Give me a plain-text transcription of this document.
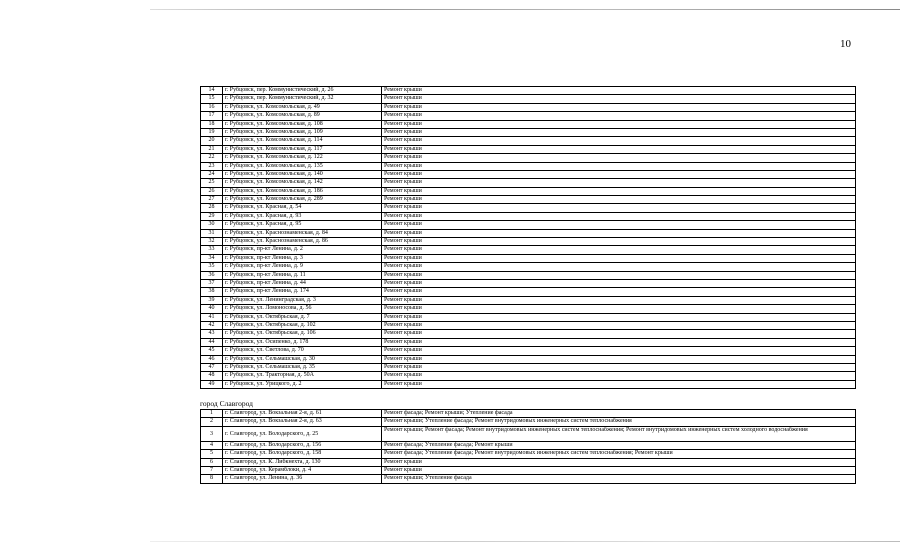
10
14	г. Рубцовск, пер. Коммунистический, д. 26	Ремонт крыши
15	г. Рубцовск, пер. Коммунистический, д. 32	Ремонт крыши
16	г. Рубцовск, ул. Комсомольская, д. 49	Ремонт крыши
17	г. Рубцовск, ул. Комсомольская, д. 89	Ремонт крыши
18	г. Рубцовск, ул. Комсомольская, д. 108	Ремонт крыши
19	г. Рубцовск, ул. Комсомольская, д. 109	Ремонт крыши
20	г. Рубцовск, ул. Комсомольская, д. 114	Ремонт крыши
21	г. Рубцовск, ул. Комсомольская, д. 117	Ремонт крыши
22	г. Рубцовск, ул. Комсомольская, д. 122	Ремонт крыши
23	г. Рубцовск, ул. Комсомольская, д. 135	Ремонт крыши
24	г. Рубцовск, ул. Комсомольская, д. 140	Ремонт крыши
25	г. Рубцовск, ул. Комсомольская, д. 142	Ремонт крыши
26	г. Рубцовск, ул. Комсомольская, д. 186	Ремонт крыши
27	г. Рубцовск, ул. Комсомольская, д. 289	Ремонт крыши
28	г. Рубцовск, ул. Красная, д. 54	Ремонт крыши
29	г. Рубцовск, ул. Красная, д. 93	Ремонт крыши
30	г. Рубцовск, ул. Красная, д. 95	Ремонт крыши
31	г. Рубцовск, ул. Краснознаменская, д. 84	Ремонт крыши
32	г. Рубцовск, ул. Краснознаменская, д. 86	Ремонт крыши
33	г. Рубцовск, пр-кт Ленина, д. 2	Ремонт крыши
34	г. Рубцовск, пр-кт Ленина, д. 3	Ремонт крыши
35	г. Рубцовск, пр-кт Ленина, д. 9	Ремонт крыши
36	г. Рубцовск, пр-кт Ленина, д. 11	Ремонт крыши
37	г. Рубцовск, пр-кт Ленина, д. 44	Ремонт крыши
38	г. Рубцовск, пр-кт Ленина, д. 174	Ремонт крыши
39	г. Рубцовск, ул. Ленинградская, д. 3	Ремонт крыши
40	г. Рубцовск, ул. Ломоносова, д. 56	Ремонт крыши
41	г. Рубцовск, ул. Октябрьская, д. 7	Ремонт крыши
42	г. Рубцовск, ул. Октябрьская, д. 102	Ремонт крыши
43	г. Рубцовск, ул. Октябрьская, д. 106	Ремонт крыши
44	г. Рубцовск, ул. Осипенко, д. 178	Ремонт крыши
45	г. Рубцовск, ул. Светлова, д. 70	Ремонт крыши
46	г. Рубцовск, ул. Сельмашская, д. 30	Ремонт крыши
47	г. Рубцовск, ул. Сельмашская, д. 35	Ремонт крыши
48	г. Рубцовск, ул. Тракторная, д. 50А	Ремонт крыши
49	г. Рубцовск, ул. Урицкого, д. 2	Ремонт крыши
город Славгород
1	г. Славгород, ул. Вокзальная 2-я, д. 61	Ремонт фасада; Ремонт крыши; Утепление фасада
2	г. Славгород, ул. Вокзальная 2-я, д. 63	Ремонт крыши; Утепление фасада; Ремонт внутридомовых инженерных систем теплоснабжения
3	г. Славгород, ул. Володарского, д. 25	Ремонт крыши; Ремонт фасада; Ремонт внутридомовых инженерных систем теплоснабжения; Ремонт внутридомовых инженерных систем холодного водоснабжения
4	г. Славгород, ул. Володарского, д. 156	Ремонт фасада; Утепление фасада; Ремонт крыши
5	г. Славгород, ул. Володарского, д. 158	Ремонт фасада; Утепление фасада; Ремонт внутридомовых инженерных систем теплоснабжения; Ремонт крыши
6	г. Славгород, ул. К. Либкнехта, д. 130	Ремонт крыши
7	г. Славгород, ул. Керамблоки, д. 4	Ремонт крыши
8	г. Славгород, ул. Ленина, д. 36	Ремонт крыши; Утепление фасада
